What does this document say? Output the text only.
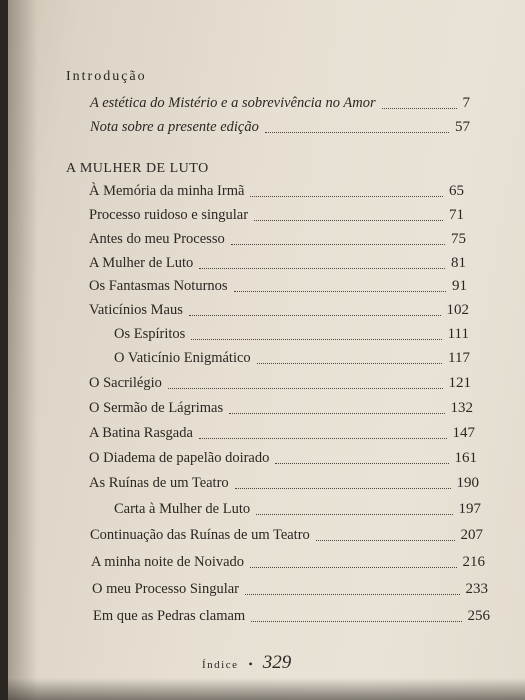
Introdução
A estética do Mistério e a sobrevivência no Amor	7
Nota sobre a presente edição	57
A MULHER DE LUTO
À Memória da minha Irmã	65
Processo ruidoso e singular	71
Antes do meu Processo	75
A Mulher de Luto	81
Os Fantasmas Noturnos	91
Vaticínios Maus	102
Os Espíritos	111
O Vaticínio Enigmático	117
O Sacrilégio	121
O Sermão de Lágrimas	132
A Batina Rasgada	147
O Diadema de papelão doirado	161
As Ruínas de um Teatro	190
Carta à Mulher de Luto	197
Continuação das Ruínas de um Teatro	207
A minha noite de Noivado	216
O meu Processo Singular	233
Em que as Pedras clamam	256
Índice • 329
